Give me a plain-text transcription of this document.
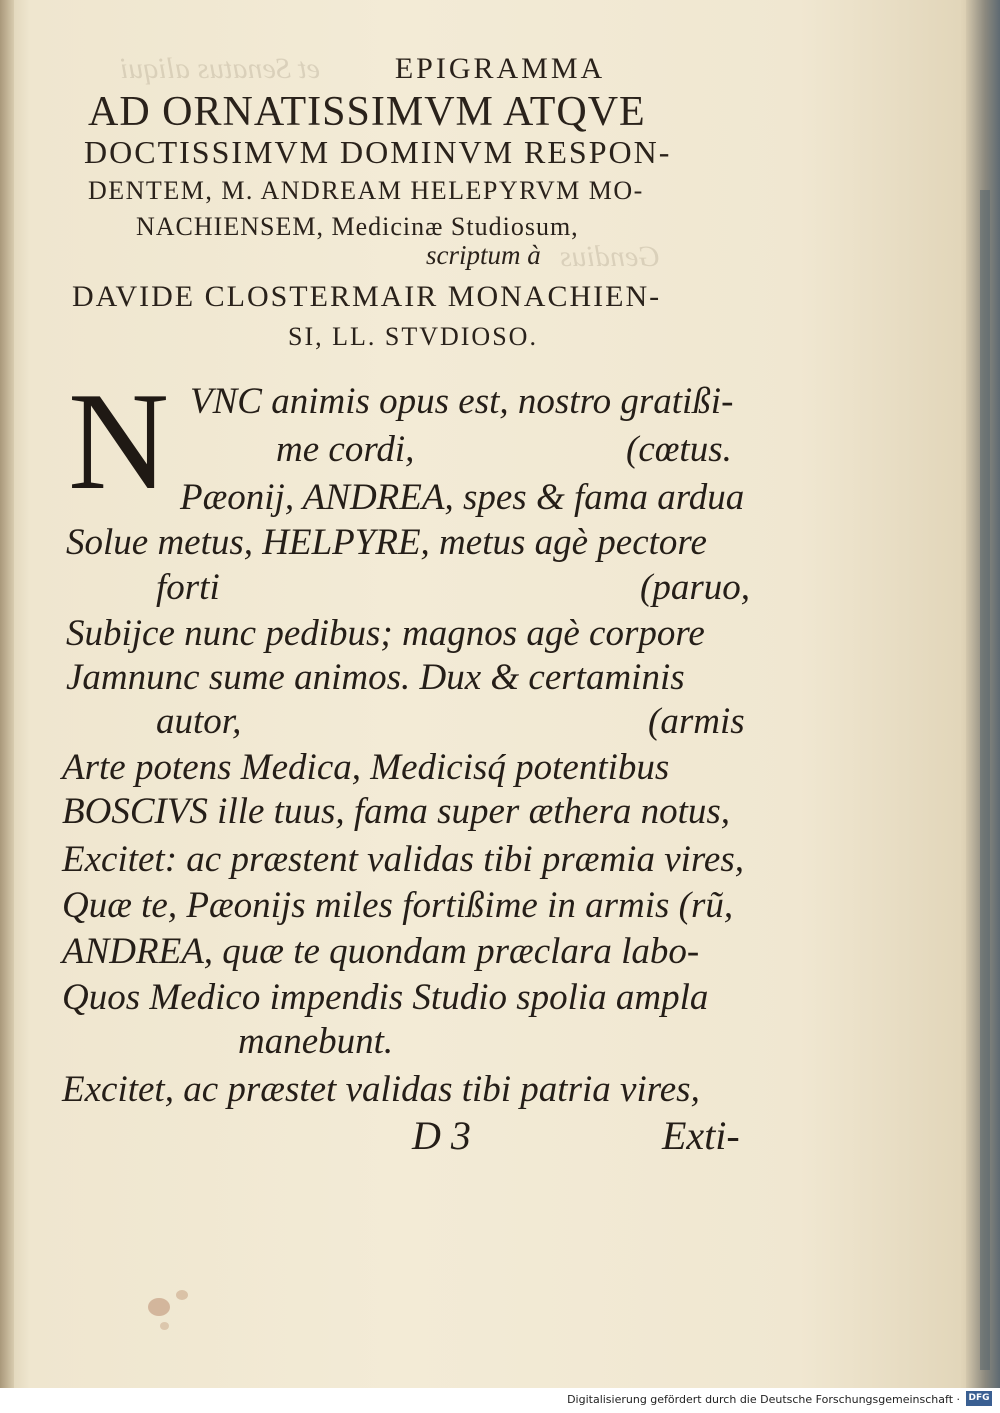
et Senatus aliqui
Gendius
EPIGRAMMA
AD ORNATISSIMVM ATQVE
DOCTISSIMVM DOMINVM RESPON-
DENTEM, M. ANDREAM HELEPYRVM MO-
NACHIENSEM, Medicinæ Studiosum,
scriptum à
DAVIDE CLOSTERMAIR MONACHIEN-
SI, LL. STVDIOSO.
N VNC animis opus est, nostro gratißi-
me cordi,	(cœtus.
Pæonij, ANDREA, spes & fama ardua
Solue metus, HELPYRE, metus agè pectore
forti	(paruo,
Subijce nunc pedibus; magnos agè corpore
Jamnunc sume animos. Dux & certaminis
autor,	(armis
Arte potens Medica, Medicisq́ potentibus
BOSCIVS ille tuus, fama super æthera notus,
Excitet: ac præstent validas tibi præmia vires,
Quæ te, Pæonijs miles fortißime in armis (rũ,
ANDREA, quæ te quondam præclara labo-
Quos Medico impendis Studio spolia ampla
manebunt.
Excitet, ac præstet validas tibi patria vires,
D 3	Exti-
Digitalisierung gefördert durch die Deutsche Forschungsgemeinschaft · DFG
